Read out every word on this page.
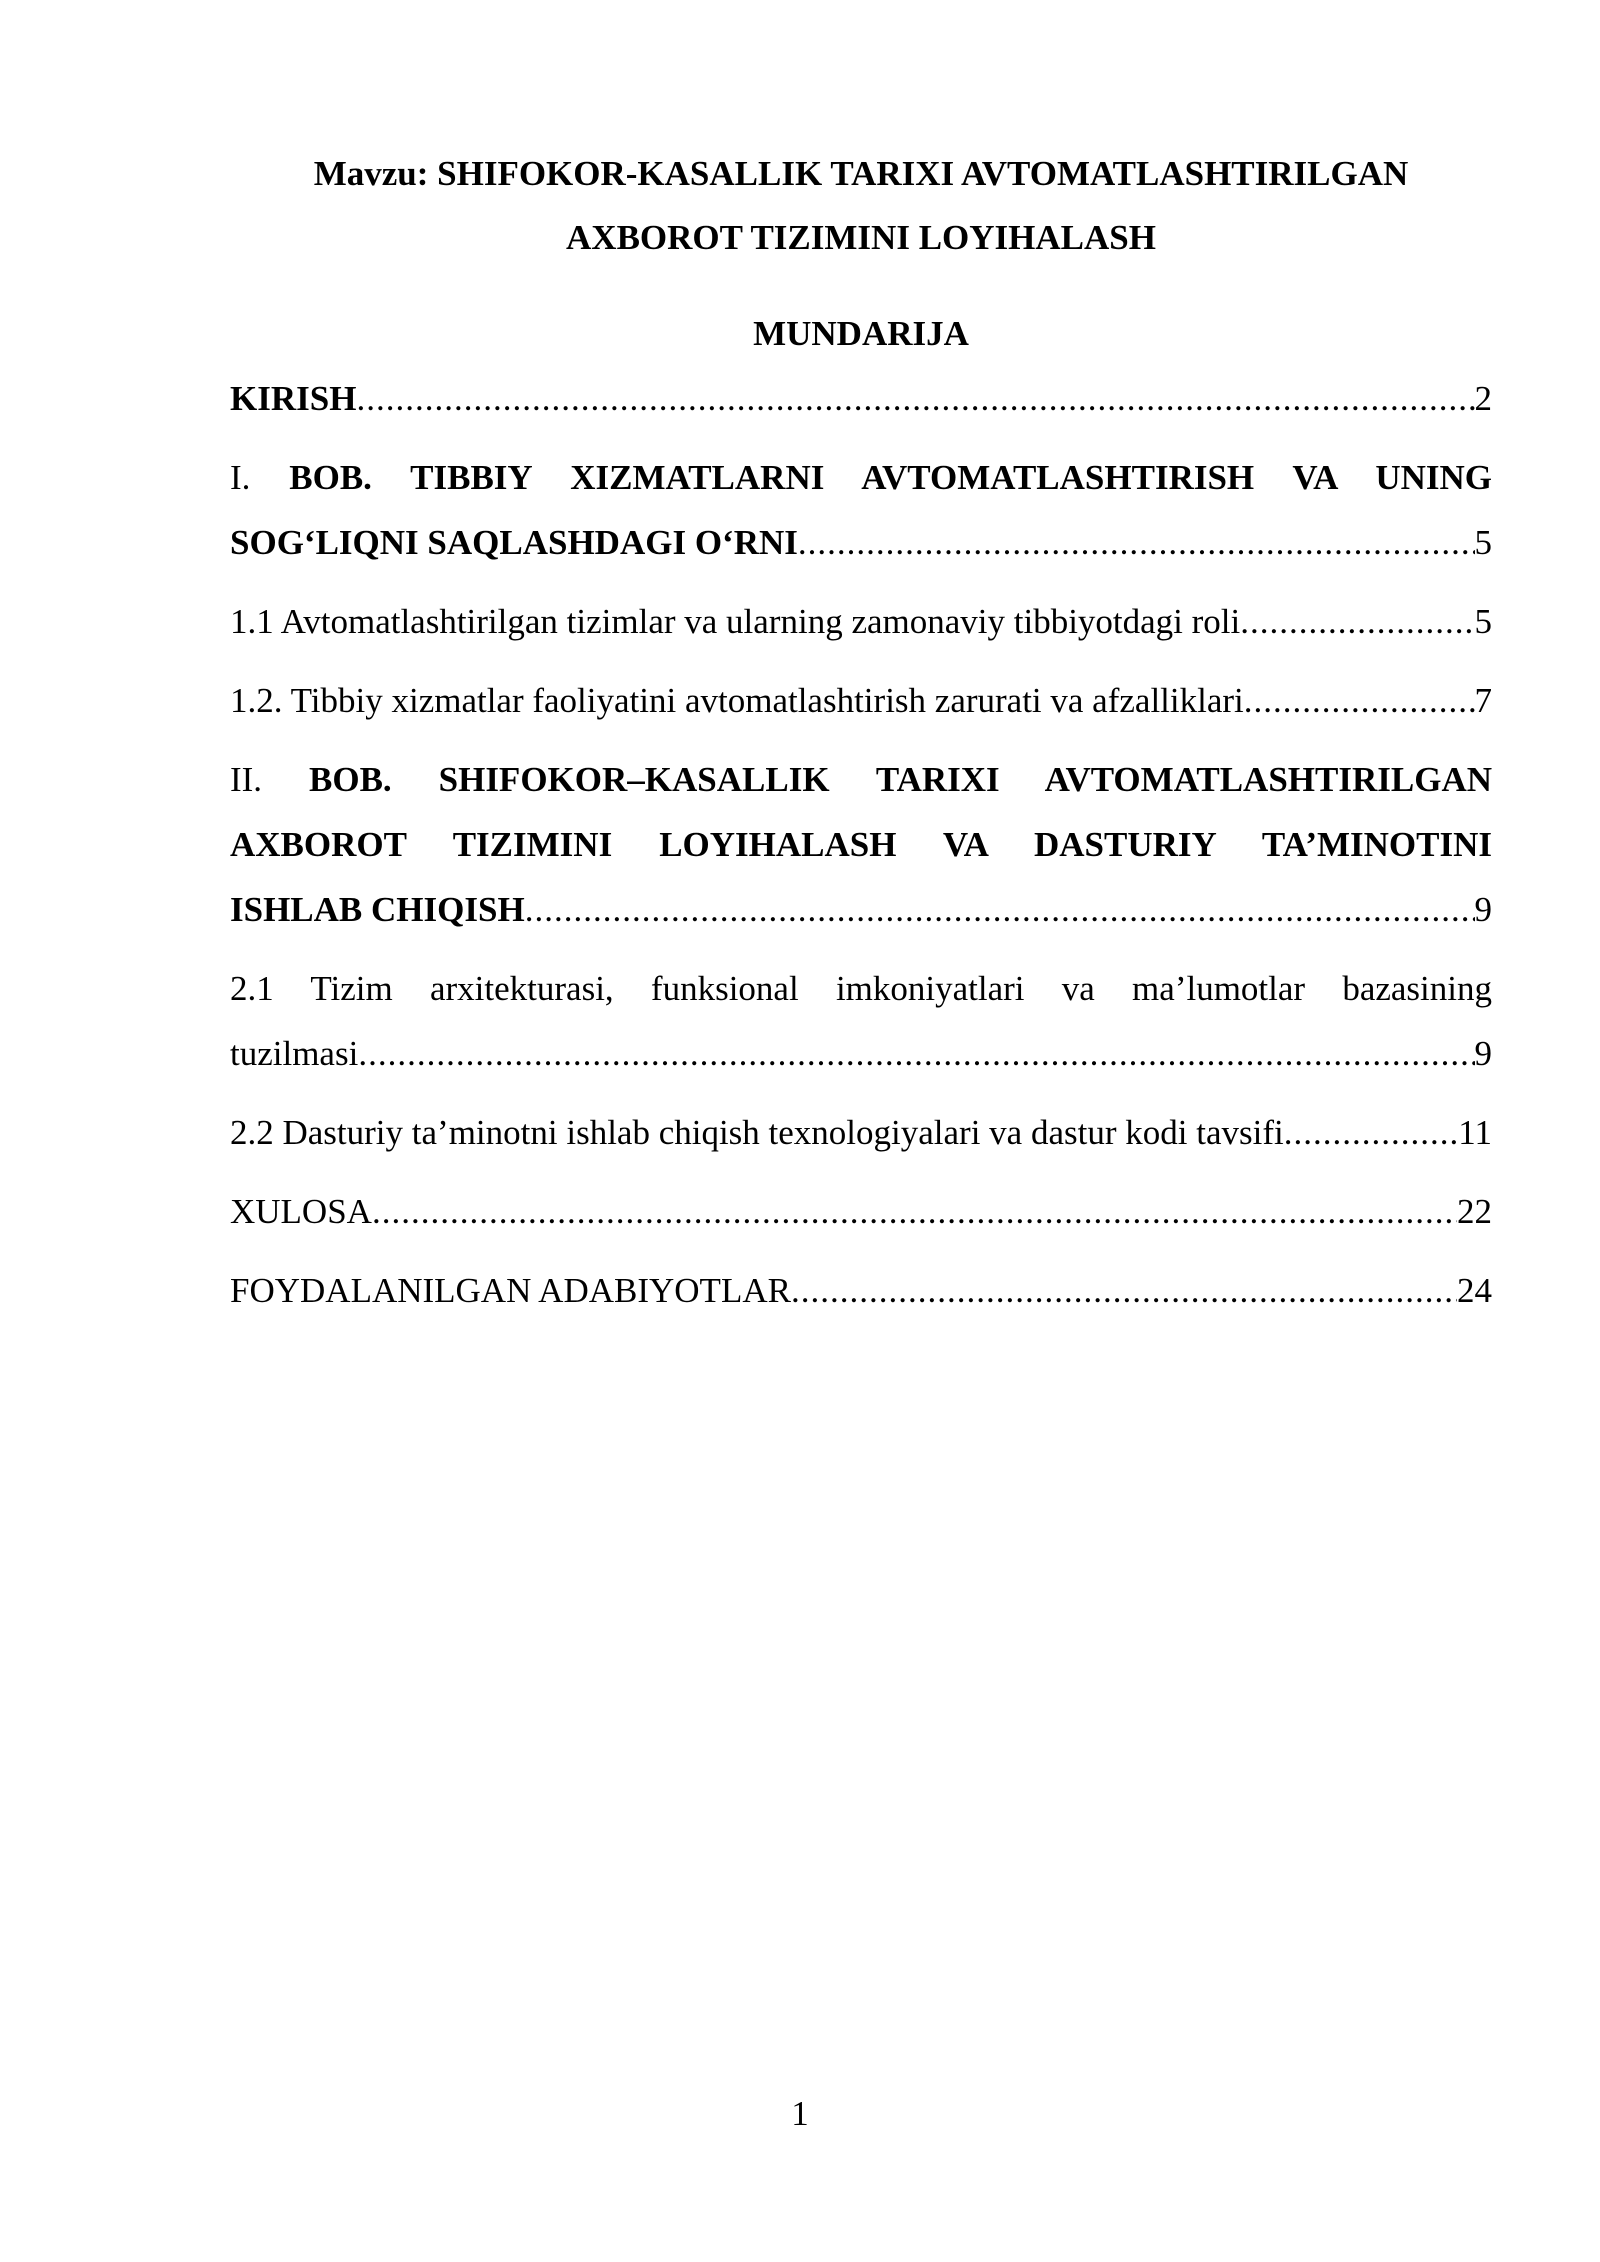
Mavzu: SHIFOKOR-KASALLIK TARIXI AVTOMATLASHTIRILGAN

AXBOROT TIZIMINI LOYIHALASH

MUNDARIJA

KIRISH .....	2
I. BOB. TIBBIY XIZMATLARNI AVTOMATLASHTIRISH VA UNING
SOG‘LIQNI SAQLASHDAGI O‘RNI .....	5
1.1 Avtomatlashtirilgan tizimlar va ularning zamonaviy tibbiyotdagi roli .....	5
1.2. Tibbiy xizmatlar faoliyatini avtomatlashtirish zarurati va afzalliklari .....	7
II. BOB. SHIFOKOR–KASALLIK TARIXI AVTOMATLASHTIRILGAN
AXBOROT TIZIMINI LOYIHALASH VA DASTURIY TA’MINOTINI
ISHLAB CHIQISH .....	9
2.1 Tizim arxitekturasi, funksional imkoniyatlari va ma’lumotlar bazasining
tuzilmasi .....	9
2.2 Dasturiy ta’minotni ishlab chiqish texnologiyalari va dastur kodi tavsifi .....	11
XULOSA .....	22
FOYDALANILGAN ADABIYOTLAR .....	24
1
